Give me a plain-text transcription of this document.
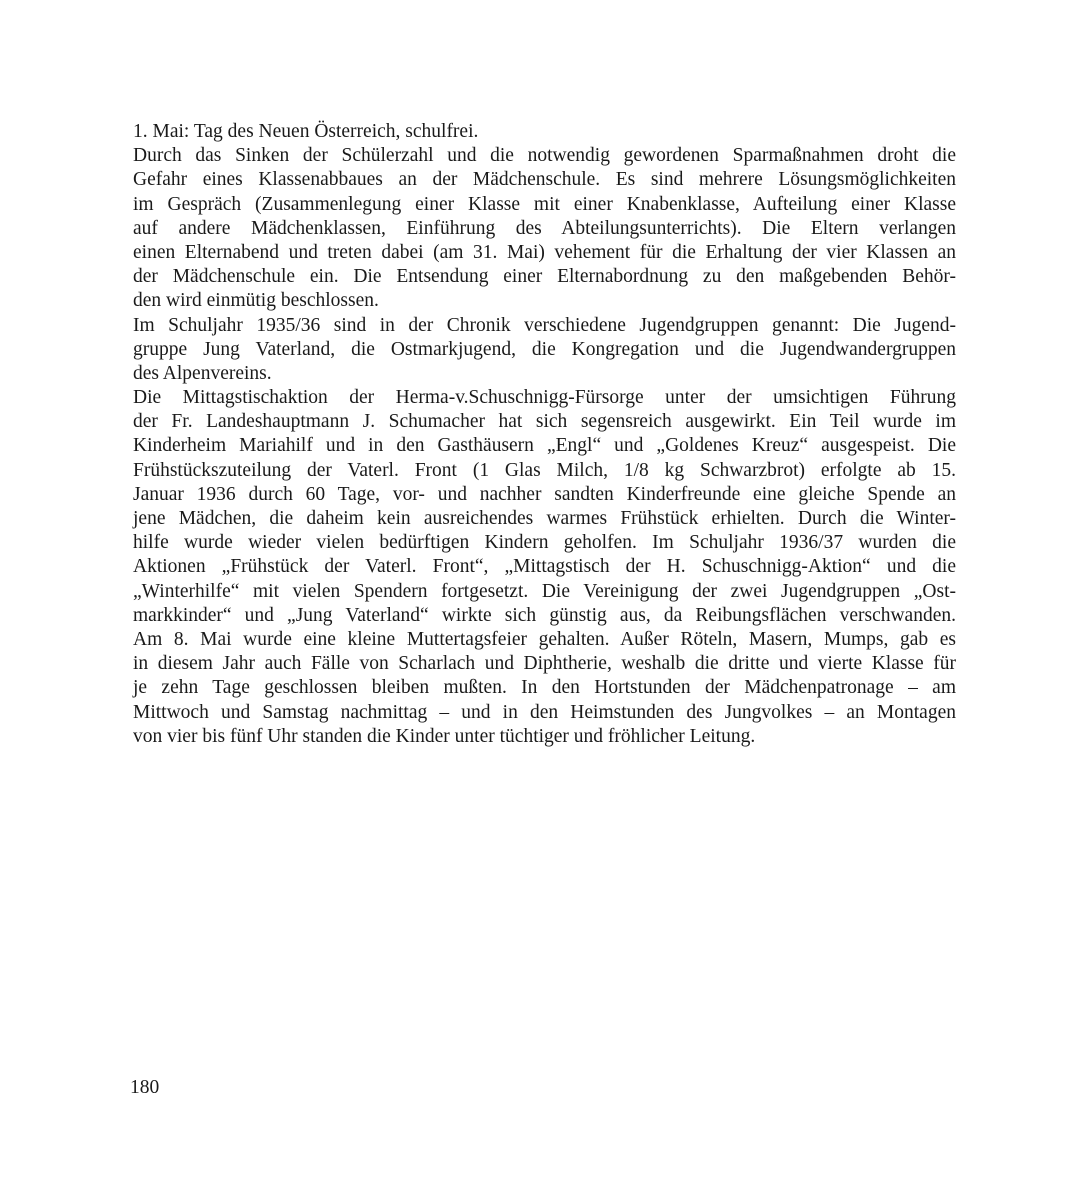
1. Mai: Tag des Neuen Österreich, schulfrei.
Durch das Sinken der Schülerzahl und die notwendig gewordenen Sparmaßnahmen droht die
Gefahr eines Klassenabbaues an der Mädchenschule. Es sind mehrere Lösungsmöglichkeiten
im Gespräch (Zusammenlegung einer Klasse mit einer Knabenklasse, Aufteilung einer Klasse
auf andere Mädchenklassen, Einführung des Abteilungsunterrichts). Die Eltern verlangen
einen Elternabend und treten dabei (am 31. Mai) vehement für die Erhaltung der vier Klassen an
der Mädchenschule ein. Die Entsendung einer Elternabordnung zu den maßgebenden Behör-
den wird einmütig beschlossen.
Im Schuljahr 1935/36 sind in der Chronik verschiedene Jugendgruppen genannt: Die Jugend-
gruppe Jung Vaterland, die Ostmarkjugend, die Kongregation und die Jugendwandergruppen
des Alpenvereins.
Die Mittagstischaktion der Herma-v.Schuschnigg-Fürsorge unter der umsichtigen Führung
der Fr. Landeshauptmann J. Schumacher hat sich segensreich ausgewirkt. Ein Teil wurde im
Kinderheim Mariahilf und in den Gasthäusern „Engl“ und „Goldenes Kreuz“ ausgespeist. Die
Frühstückszuteilung der Vaterl. Front (1 Glas Milch, 1/8 kg Schwarzbrot) erfolgte ab 15.
Januar 1936 durch 60 Tage, vor- und nachher sandten Kinderfreunde eine gleiche Spende an
jene Mädchen, die daheim kein ausreichendes warmes Frühstück erhielten. Durch die Winter-
hilfe wurde wieder vielen bedürftigen Kindern geholfen. Im Schuljahr 1936/37 wurden die
Aktionen „Frühstück der Vaterl. Front“, „Mittagstisch der H. Schuschnigg-Aktion“ und die
„Winterhilfe“ mit vielen Spendern fortgesetzt. Die Vereinigung der zwei Jugendgruppen „Ost-
markkinder“ und „Jung Vaterland“ wirkte sich günstig aus, da Reibungsflächen verschwanden.
Am 8. Mai wurde eine kleine Muttertagsfeier gehalten. Außer Röteln, Masern, Mumps, gab es
in diesem Jahr auch Fälle von Scharlach und Diphtherie, weshalb die dritte und vierte Klasse für
je zehn Tage geschlossen bleiben mußten. In den Hortstunden der Mädchenpatronage – am
Mittwoch und Samstag nachmittag – und in den Heimstunden des Jungvolkes – an Montagen
von vier bis fünf Uhr standen die Kinder unter tüchtiger und fröhlicher Leitung.
180
